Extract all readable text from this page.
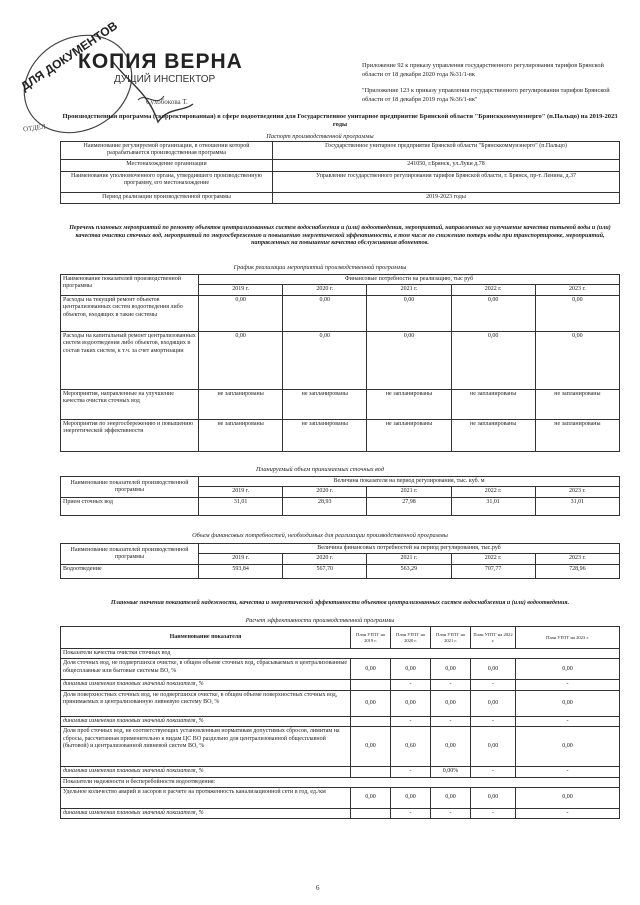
КОПИЯ ВЕРНА
ДУЩИЙ ИНСПЕКТОР
ДЛЯ ДОКУМЕНТОВ
ОТДЕЛ
Сухобокова Т.
Приложение 92 к приказу управления государственного регулирования тарифов Брянской области от 18 декабря 2020 года №31/1-вк
"Приложение 123 к приказу управления государственного регулирования тарифов Брянской области от 18 декабря 2019 года №36/1-вк"
Производственная программа (скорректированная) в сфере водоотведения для Государственное унитарное предприятие Брянской области "Брянсккоммунэнерго" (п.Пальцо) на 2019-2023 годы
Паспорт производственной программы
Наименование регулируемой организации, в отношении которой разрабатывается производственная программа	Государственное унитарное предприятие Брянской области "Брянсккоммунэнерго" (п.Пальцо)
Местонахождение организации	241050, г.Брянск, ул.Луки д.78
Наименование уполномоченного органа, утвердившего производственную программу, его местонахождение	Управление государственного регулирования тарифов Брянской области, г. Брянск, пр-т. Ленина, д.37
Период реализации производственной программы	2019-2023 годы
Перечень плановых мероприятий по ремонту объектов централизованных систем водоснабжения и (или) водоотведения, мероприятий, направленных на улучшение качества питьевой воды и (или) качества очистки сточных вод, мероприятий по энергосбережению и повышению энергетической эффективности, в том числе по снижению потерь воды при транспортировке, мероприятий, направленных на повышение качества обслуживания абонентов.
График реализации мероприятий производственной программы
Наименование показателей производственной программы	Финансовые потребности на реализацию, тыс руб				
	2019 г.	2020 г.	2021 г.	2022 г.	2023 г.
Расходы на текущий ремонт объектов централизованных систем водоотведения либо объектов, входящих в такие системы	0,00	0,00	0,00	0,00	0,00
Расходы на капитальный ремонт централизованных систем водоотведения либо объектов, входящих в состав таких систем, к т.ч. за счет амортизации	0,00	0,00	0,00	0,00	0,00
Мероприятия, направленные на улучшение качества очистки сточных вод	не запланированы	не запланированы	не запланированы	не запланированы	не запланированы
Мероприятия по энергосбережению и повышению энергетической эффективности	не запланированы	не запланированы	не запланированы	не запланированы	не запланированы
Планируемый объем принимаемых сточных вод
Наименование показателей производственной программы	Величина показателя на период регулирования, тыс. куб. м				
	2019 г.	2020 г.	2021 г.	2022 г.	2023 г.
Прием сточных вод	31,01	28,93	27,98	31,01	31,01
Объем финансовых потребностей, необходимых для реализации производственной программы
Наименование показателей производственной программы	Величина финансовых потребностей на период регулирования, тыс.руб				
	2019 г.	2020 г.	2021 г.	2022 г.	2023 г.
Водоотведение	593,84	567,70	563,29	707,77	728,96
Плановые значения показателей надежности, качества и энергетической эффективности объектов централизованных систем водоснабжения и (или) водоотведения.
Расчет эффективности производственной программы
Наименование показателя	План УПТГ на 2019 г.	План УПТГ на 2020 г.	План УПТГ на 2021 г.	План УПТГ на 2022 г.	План УПТГ на 2023 г.
Показатели качества очистки сточных вод					
Доля сточных вод, не подвергшихся очистке, в общем объеме сточных вод, сбрасываемых в централизованные общесплавные или бытовые системы ВО, %	0,00	0,00	0,00	0,00	0,00
динамика изменения плановых значений показателя, %		-	-	-	-
Доля поверхностных сточных вод, не подвергшихся очистке, в общем объеме поверхностных сточных вод, принимаемых в централизованную ливневую систему ВО, %	0,00	0,00	0,00	0,00	0,00
динамика изменения плановых значений показателя, %		-	-	-	-
Доля проб сточных вод, не соответствующих установленным нормативам допустимых сбросов, лимитам на сбросы, рассчитанная применительно к видам ЦС ВО раздельно для централизованной общесплавной (бытовой) и централизованной ливневой систем ВО, %	0,00	0,60	0,00	0,00	0,00
динамика изменения плановых значений показателя, %		-	0,00%	-	-
Показатели надежности и бесперебойности водоотведения:					
Удельное количество аварий и засоров в расчете на протяженность канализационной сети в год, ед./км	0,00	0,00	0,00	0,00	0,00
динамика изменения плановых значений показателя, %		-	-	-	-
6
